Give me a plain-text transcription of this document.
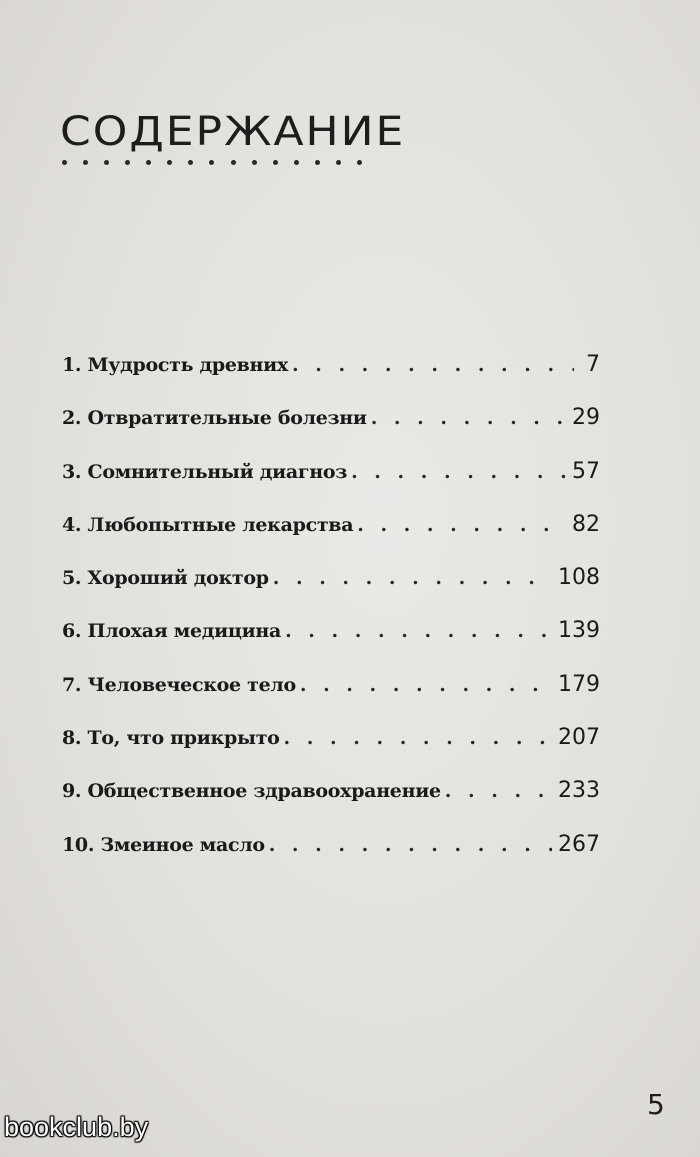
СОДЕРЖАНИЕ
1. Мудрость древних . . .	7
2. Отвратительные болезни . . .	29
3. Сомнительный диагноз . . .	57
4. Любопытные лекарства . . .	82
5. Хороший доктор . . .	108
6. Плохая медицина . . .	139
7. Человеческое тело . . .	179
8. То, что прикрыто . . .	207
9. Общественное здравоохранение . . .	233
10. Змеиное масло . . .	267
5
bookclub.by
